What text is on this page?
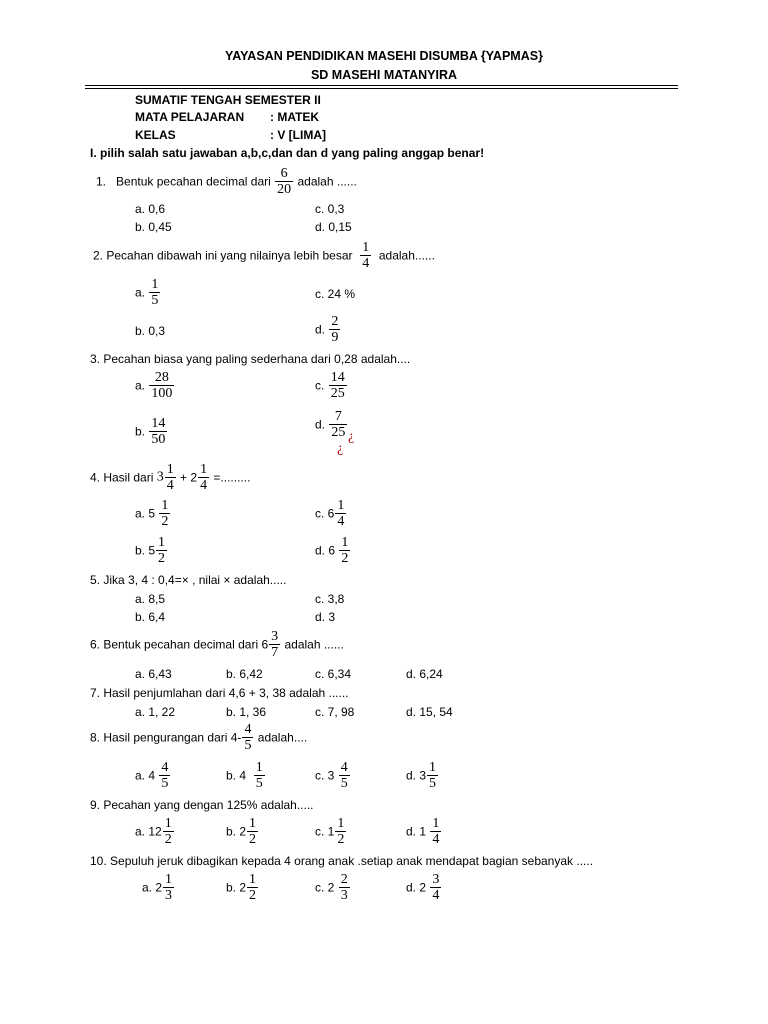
YAYASAN PENDIDIKAN MASEHI DISUMBA {YAPMAS}
SD MASEHI MATANYIRA
SUMATIF TENGAH SEMESTER II
MATA PELAJARAN : MATEK
KELAS	: V [LIMA]
I. pilih salah satu jawaban a,b,c,dan dan d yang paling anggap benar!
1. Bentuk pecahan decimal dari $\frac{6}{20}$ adalah ......
a. 0,6	c. 0,3
b. 0,45	d. 0,15
2. Pecahan dibawah ini yang nilainya lebih besar $\frac{1}{4}$ adalah......
a. $\frac{1}{5}$	c. 24 %
b. 0,3	d. $\frac{2}{9}$
3. Pecahan biasa yang paling sederhana dari 0,28 adalah....
a. $\frac{28}{100}$	c. $\frac{14}{25}$
b. $\frac{14}{50}$	d. $\frac{7}{25}$ ¿
¿
4. Hasil dari $3 \frac{1}{4} + 2 \frac{1}{4}$ =.........
a. $5 \frac{1}{2}$	c. $6 \frac{1}{4}$
b. $5 \frac{1}{2}$	d. $6 \frac{1}{2}$
5. Jika 3, 4 : 0,4=× , nilai × adalah.....
a. 8,5	c. 3,8
b. 6,4	d. 3
6. Bentuk pecahan decimal dari $6 \frac{3}{7}$ adalah ......
a. 6,43	b. 6,42	c. 6,34	d. 6,24
7. Hasil penjumlahan dari 4,6 + 3, 38 adalah ......
a. 1, 22	b. 1, 36	c. 7, 98	d. 15, 54
8. Hasil pengurangan dari $4- \frac{4}{5}$ adalah....
a. $4 \frac{4}{5}$	b. $4 \frac{1}{5}$	c. $3 \frac{4}{5}$	d. $3 \frac{1}{5}$
9. Pecahan yang dengan 125% adalah.....
a. $12 \frac{1}{2}$	b. $2 \frac{1}{2}$	c. $1 \frac{1}{2}$	d. $1 \frac{1}{4}$
10. Sepuluh jeruk dibagikan kepada 4 orang anak .setiap anak mendapat bagian sebanyak .....
a. $2 \frac{1}{3}$	b. $2 \frac{1}{2}$	c. $2 \frac{2}{3}$	d. $2 \frac{3}{4}$
